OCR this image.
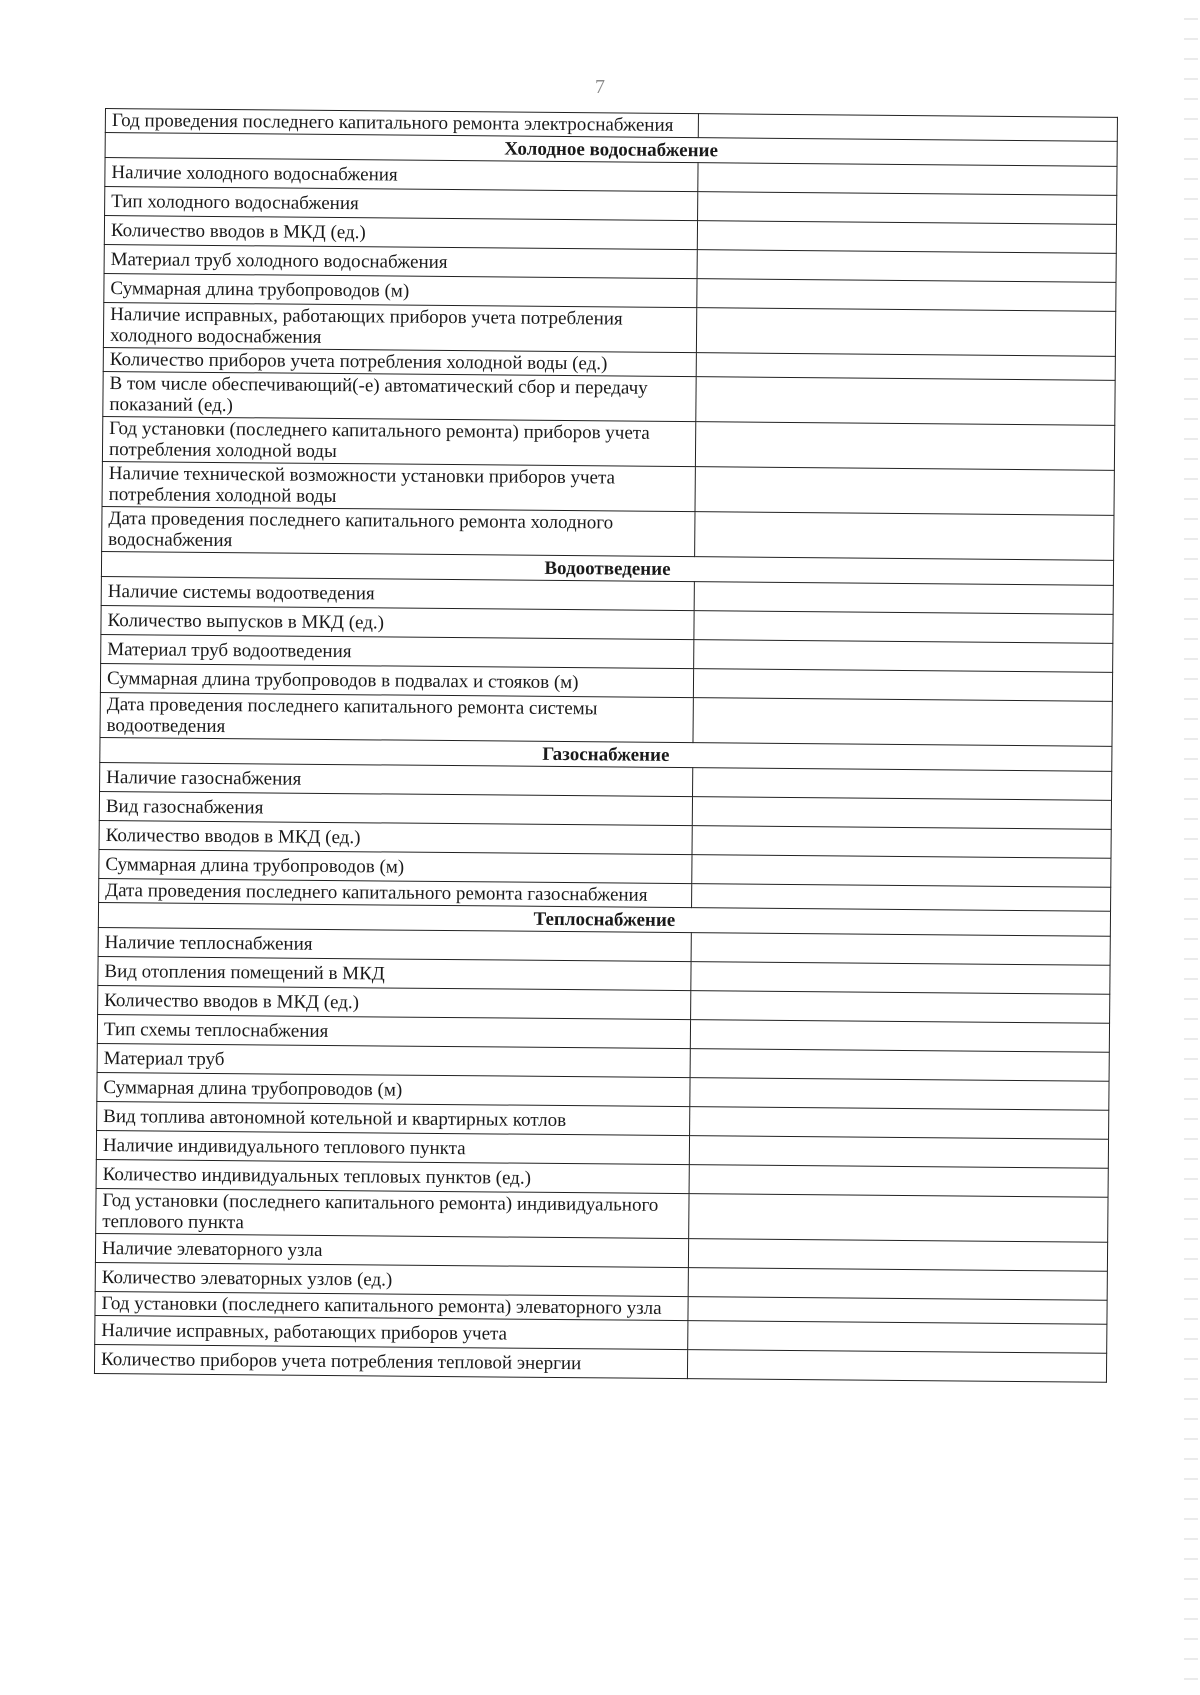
7
Год проведения последнего капитального ремонта электроснабжения	
Холодное водоснабжение	
Наличие холодного водоснабжения	
Тип холодного водоснабжения	
Количество вводов в МКД (ед.)	
Материал труб холодного водоснабжения	
Суммарная длина трубопроводов (м)	
Наличие исправных, работающих приборов учета потребления холодного водоснабжения	
Количество приборов учета потребления холодной воды (ед.)	
В том числе обеспечивающий(-е) автоматический сбор и передачу показаний (ед.)	
Год установки (последнего капитального ремонта) приборов учета потребления холодной воды	
Наличие технической возможности установки приборов учета потребления холодной воды	
Дата проведения последнего капитального ремонта холодного водоснабжения	
Водоотведение	
Наличие системы водоотведения	
Количество выпусков в МКД (ед.)	
Материал труб водоотведения	
Суммарная длина трубопроводов в подвалах и стояков (м)	
Дата проведения последнего капитального ремонта системы водоотведения	
Газоснабжение	
Наличие газоснабжения	
Вид газоснабжения	
Количество вводов в МКД (ед.)	
Суммарная длина трубопроводов (м)	
Дата проведения последнего капитального ремонта газоснабжения	
Теплоснабжение	
Наличие теплоснабжения	
Вид отопления помещений в МКД	
Количество вводов в МКД (ед.)	
Тип схемы теплоснабжения	
Материал труб	
Суммарная длина трубопроводов (м)	
Вид топлива автономной котельной и квартирных котлов	
Наличие индивидуального теплового пункта	
Количество индивидуальных тепловых пунктов (ед.)	
Год установки (последнего капитального ремонта) индивидуального теплового пункта	
Наличие элеваторного узла	
Количество элеваторных узлов (ед.)	
Год установки (последнего капитального ремонта) элеваторного узла	
Наличие исправных, работающих приборов учета	
Количество приборов учета потребления тепловой энергии	
